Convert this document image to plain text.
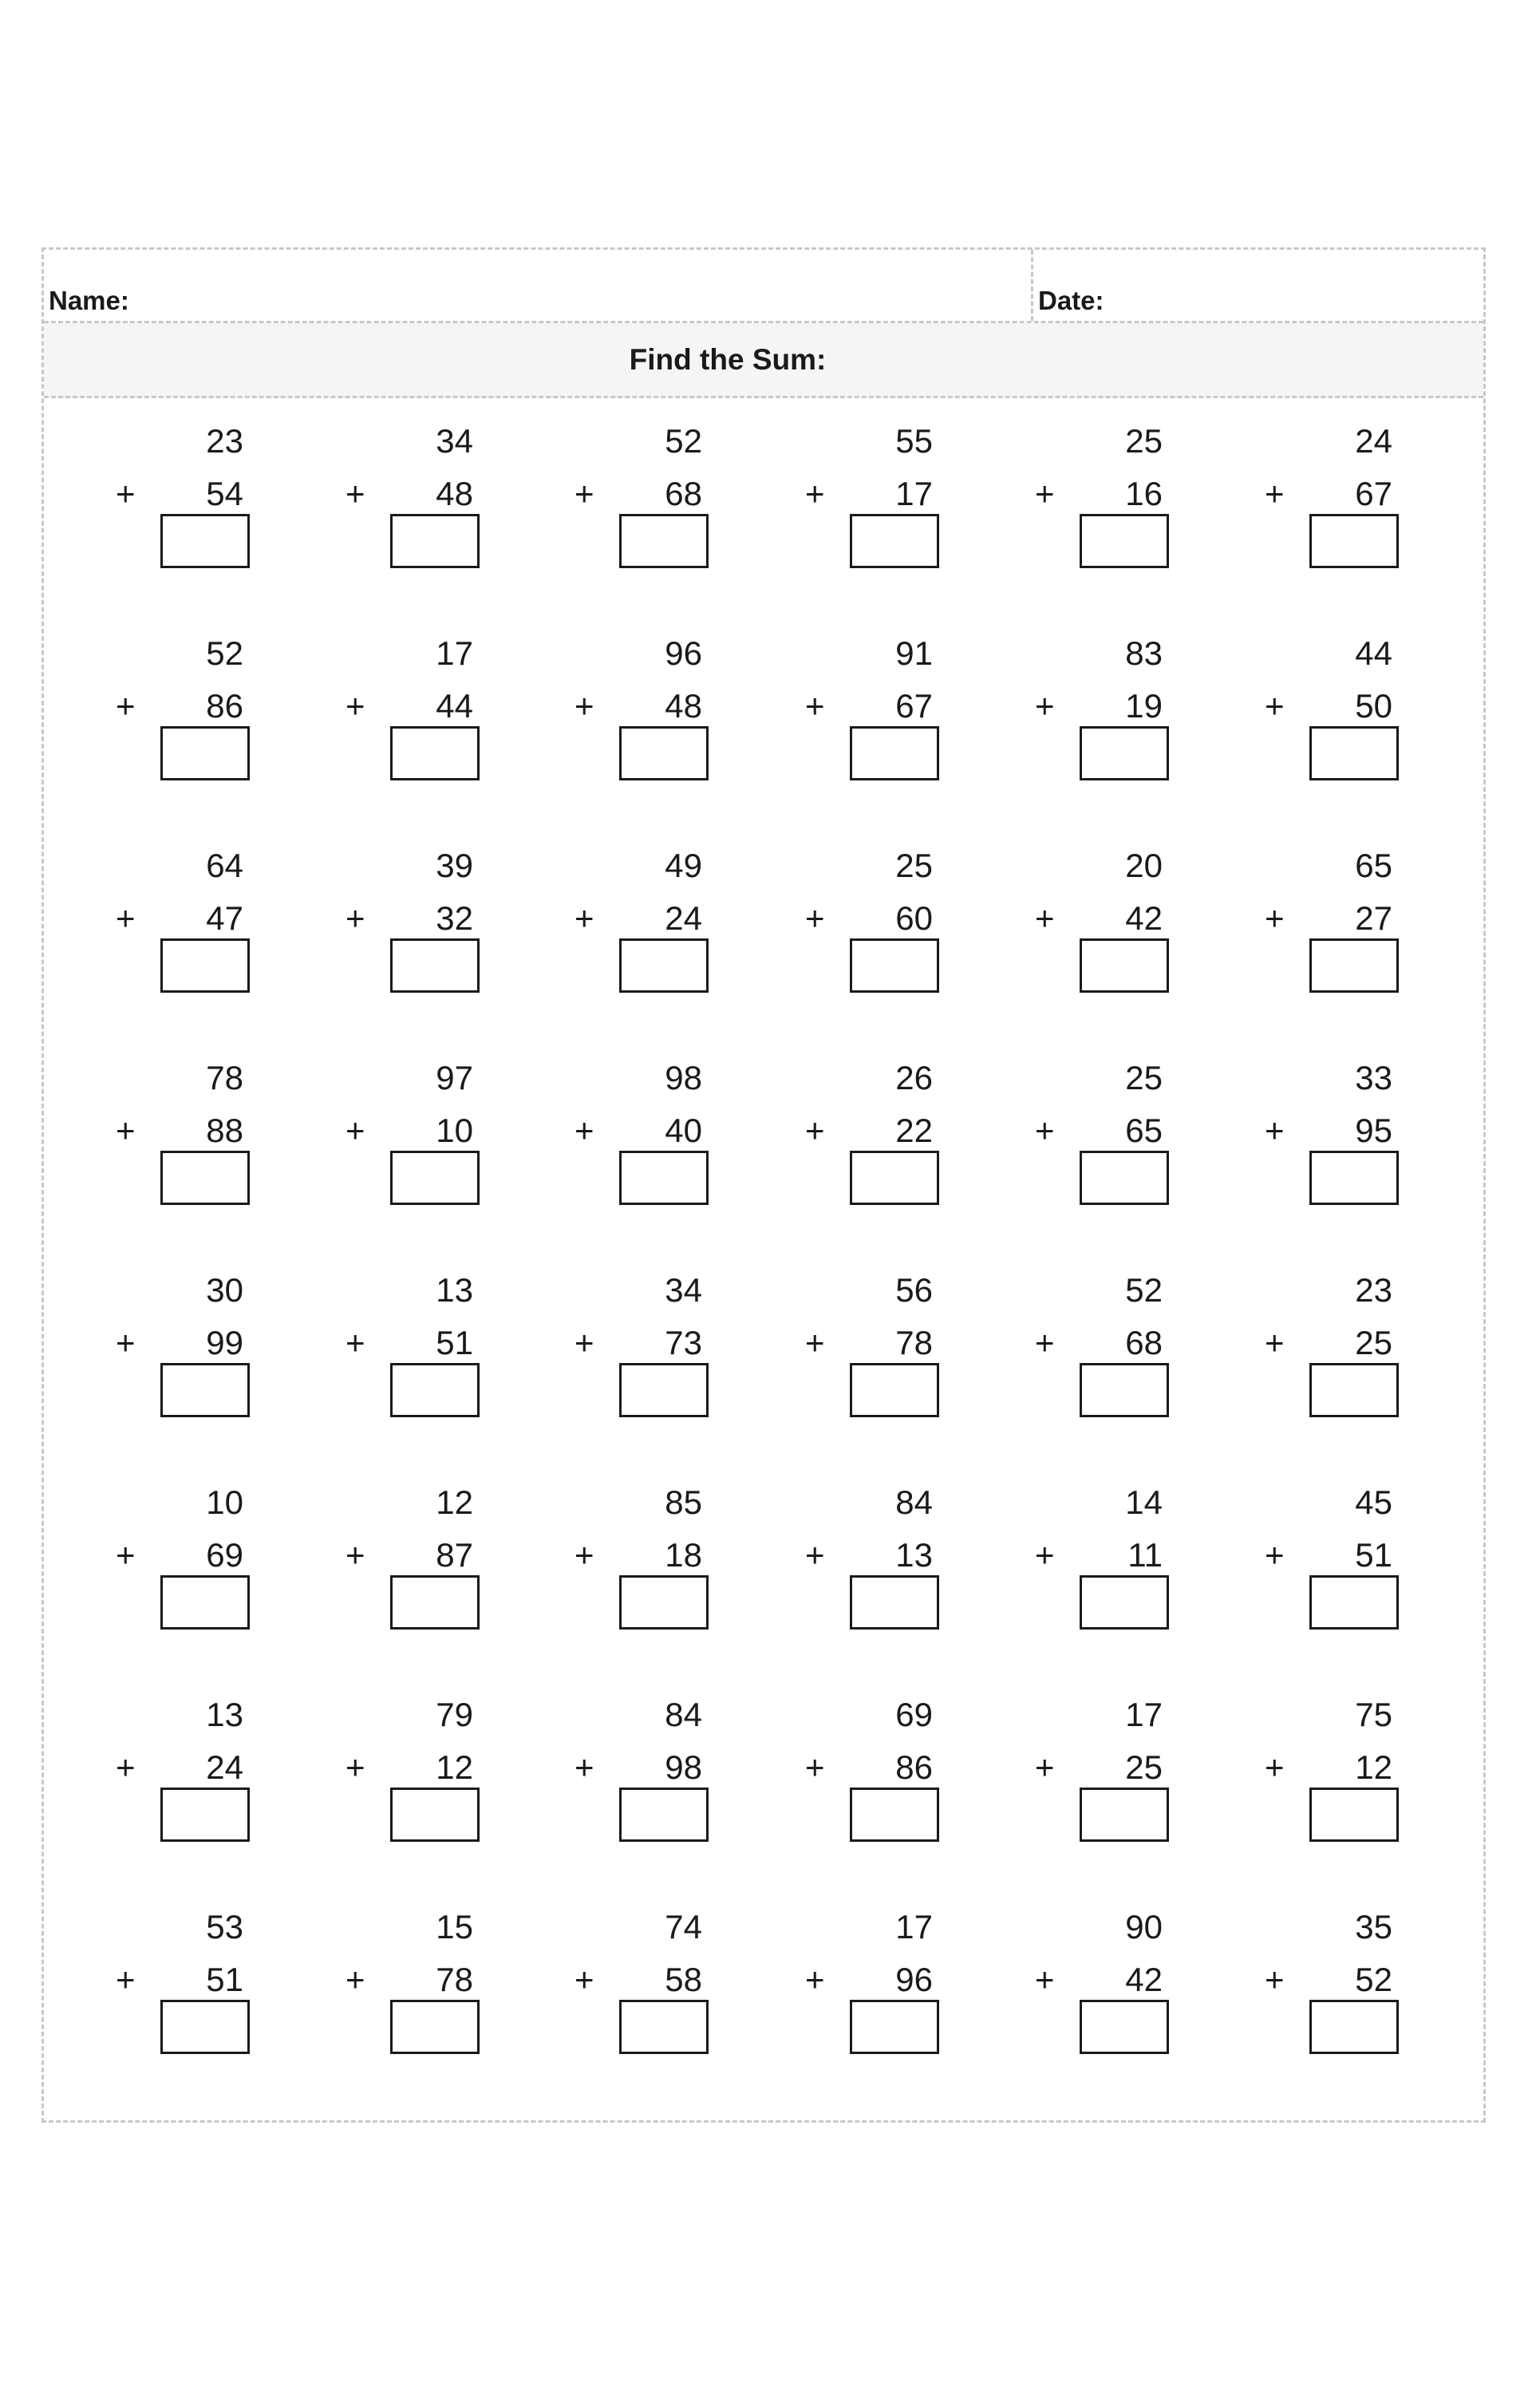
Name:	Date:
Find the Sum:
23
+	54
34
+	48
52
+	68
55
+	17
25
+	16
24
+	67
52
+	86
17
+	44
96
+	48
91
+	67
83
+	19
44
+	50
64
+	47
39
+	32
49
+	24
25
+	60
20
+	42
65
+	27
78
+	88
97
+	10
98
+	40
26
+	22
25
+	65
33
+	95
30
+	99
13
+	51
34
+	73
56
+	78
52
+	68
23
+	25
10
+	69
12
+	87
85
+	18
84
+	13
14
+	11
45
+	51
13
+	24
79
+	12
84
+	98
69
+	86
17
+	25
75
+	12
53
+	51
15
+	78
74
+	58
17
+	96
90
+	42
35
+	52
